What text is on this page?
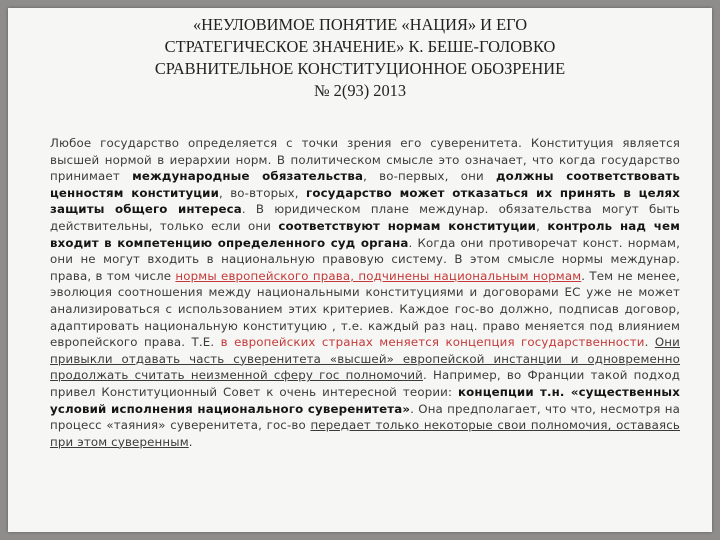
«НЕУЛОВИМОЕ ПОНЯТИЕ «НАЦИЯ» И ЕГО
СТРАТЕГИЧЕСКОЕ ЗНАЧЕНИЕ» К. БЕШЕ-ГОЛОВКО
СРАВНИТЕЛЬНОЕ КОНСТИТУЦИОННОЕ ОБОЗРЕНИЕ
№ 2(93) 2013
Любое государство определяется с точки зрения его суверенитета. Конституция является высшей нормой в иерархии норм. В политическом смысле это означает, что когда государство принимает международные обязательства, во-первых, они должны соответствовать ценностям конституции, во-вторых, государство может отказаться их принять в целях защиты общего интереса. В юридическом плане междунар. обязательства могут быть действительны, только если они соответствуют нормам конституции, контроль над чем входит в компетенцию определенного суд органа. Когда они противоречат конст. нормам, они не могут входить в национальную правовую систему. В этом смысле нормы междунар. права, в том числе нормы европейского права, подчинены национальным нормам. Тем не менее, эволюция соотношения между национальными конституциями и договорами ЕС уже не может анализироваться с использованием этих критериев. Каждое гос-во должно, подписав договор, адаптировать национальную конституцию , т.е. каждый раз нац. право меняется под влиянием европейского права. Т.Е. в европейских странах меняется концепция государственности. Они привыкли отдавать часть суверенитета «высшей» европейской инстанции и одновременно продолжать считать неизменной сферу гос полномочий. Например, во Франции такой подход привел Конституционный Совет к очень интересной теории: концепции т.н. «существенных условий исполнения национального суверенитета». Она предполагает, что что, несмотря на процесс «таяния» суверенитета, гос-во передает только некоторые свои полномочия, оставаясь при этом суверенным.
